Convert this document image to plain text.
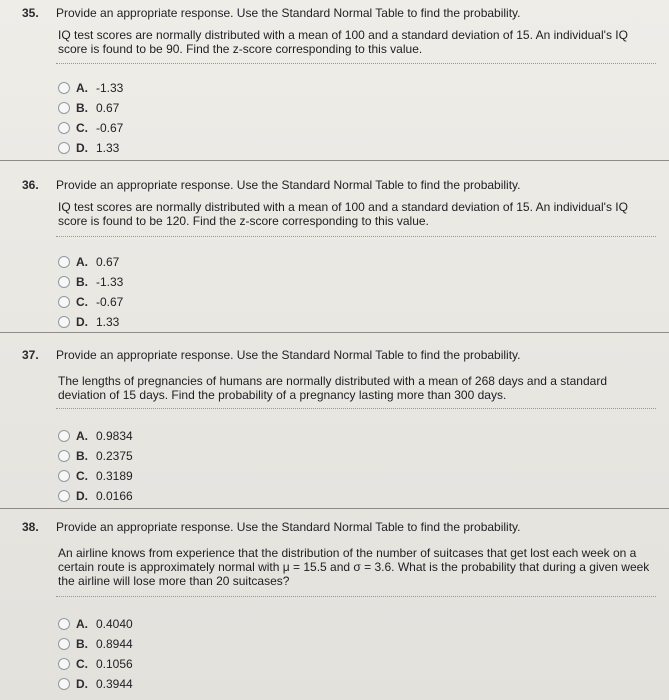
35. Provide an appropriate response. Use the Standard Normal Table to find the probability.
IQ test scores are normally distributed with a mean of 100 and a standard deviation of 15. An individual's IQ score is found to be 90. Find the z-score corresponding to this value.
A. -1.33
B. 0.67
C. -0.67
D. 1.33
36. Provide an appropriate response. Use the Standard Normal Table to find the probability.
IQ test scores are normally distributed with a mean of 100 and a standard deviation of 15. An individual's IQ score is found to be 120. Find the z-score corresponding to this value.
A. 0.67
B. -1.33
C. -0.67
D. 1.33
37. Provide an appropriate response. Use the Standard Normal Table to find the probability.
The lengths of pregnancies of humans are normally distributed with a mean of 268 days and a standard deviation of 15 days. Find the probability of a pregnancy lasting more than 300 days.
A. 0.9834
B. 0.2375
C. 0.3189
D. 0.0166
38. Provide an appropriate response. Use the Standard Normal Table to find the probability.
An airline knows from experience that the distribution of the number of suitcases that get lost each week on a certain route is approximately normal with μ = 15.5 and σ = 3.6. What is the probability that during a given week the airline will lose more than 20 suitcases?
A. 0.4040
B. 0.8944
C. 0.1056
D. 0.3944
